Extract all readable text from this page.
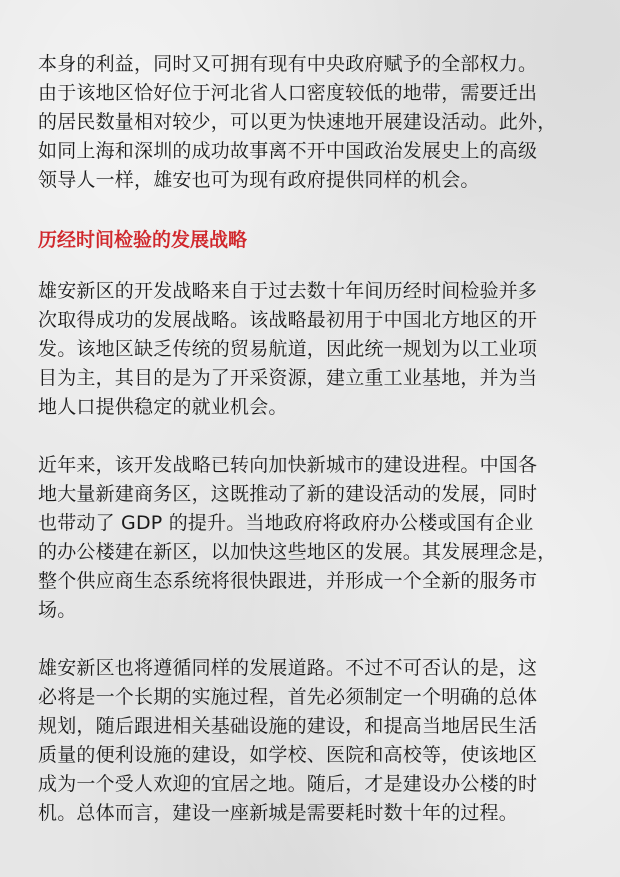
本身的利益，同时又可拥有现有中央政府赋予的全部权力。
由于该地区恰好位于河北省人口密度较低的地带，需要迁出
的居民数量相对较少，可以更为快速地开展建设活动。此外，
如同上海和深圳的成功故事离不开中国政治发展史上的高级
领导人一样，雄安也可为现有政府提供同样的机会。

历经时间检验的发展战略

雄安新区的开发战略来自于过去数十年间历经时间检验并多
次取得成功的发展战略。该战略最初用于中国北方地区的开
发。该地区缺乏传统的贸易航道，因此统一规划为以工业项
目为主，其目的是为了开采资源，建立重工业基地，并为当
地人口提供稳定的就业机会。

近年来，该开发战略已转向加快新城市的建设进程。中国各
地大量新建商务区，这既推动了新的建设活动的发展，同时
也带动了 GDP 的提升。当地政府将政府办公楼或国有企业
的办公楼建在新区，以加快这些地区的发展。其发展理念是，
整个供应商生态系统将很快跟进，并形成一个全新的服务市
场。

雄安新区也将遵循同样的发展道路。不过不可否认的是，这
必将是一个长期的实施过程，首先必须制定一个明确的总体
规划，随后跟进相关基础设施的建设，和提高当地居民生活
质量的便利设施的建设，如学校、医院和高校等，使该地区
成为一个受人欢迎的宜居之地。随后，才是建设办公楼的时
机。总体而言，建设一座新城是需要耗时数十年的过程。
